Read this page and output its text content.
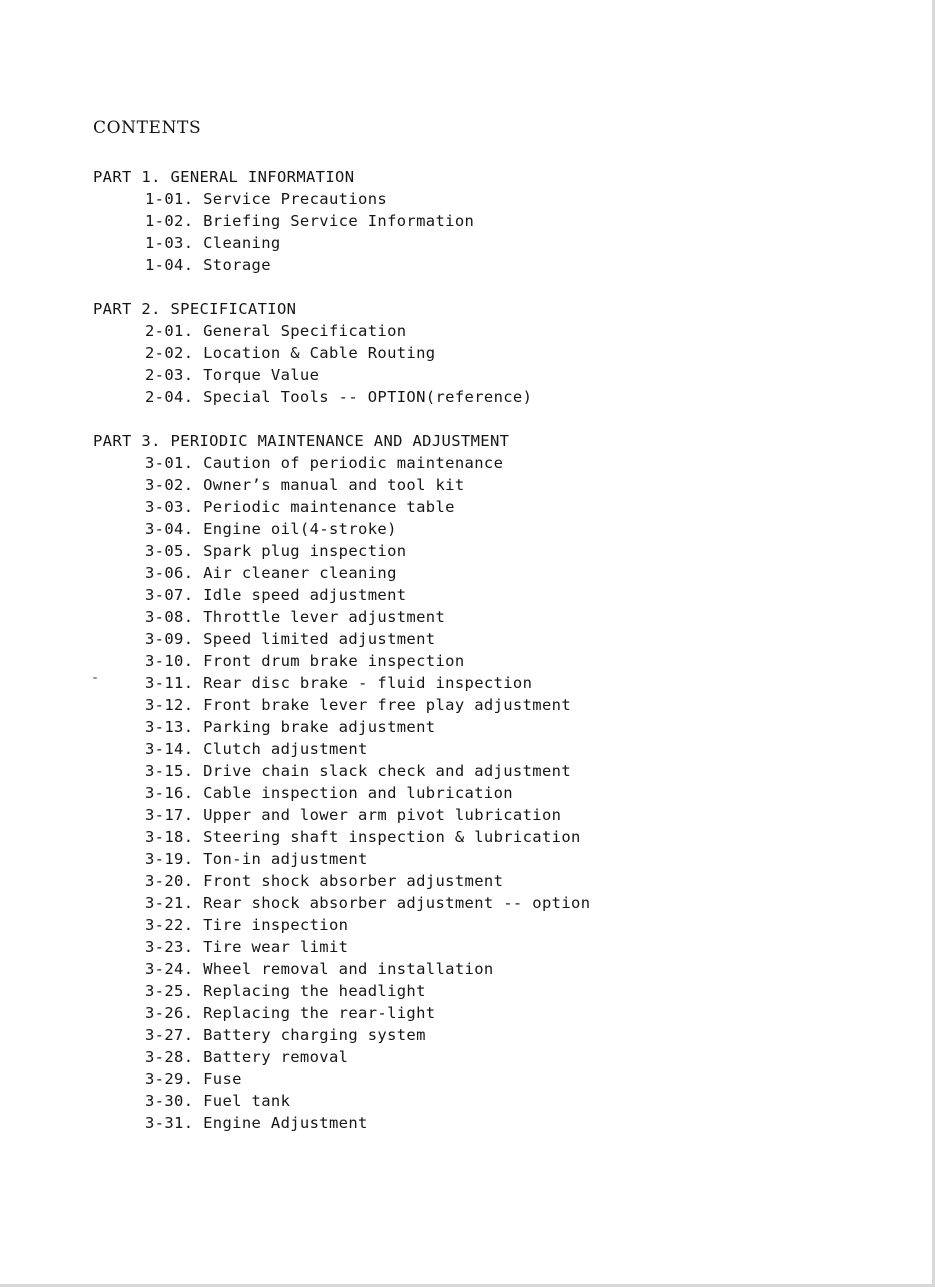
CONTENTS
PART 1. GENERAL INFORMATION
1-01. Service Precautions
1-02. Briefing Service Information
1-03. Cleaning
1-04. Storage
PART 2. SPECIFICATION
2-01. General Specification
2-02. Location & Cable Routing
2-03. Torque Value
2-04. Special Tools -- OPTION(reference)
PART 3. PERIODIC MAINTENANCE AND ADJUSTMENT
3-01. Caution of periodic maintenance
3-02. Owner’s manual and tool kit
3-03. Periodic maintenance table
3-04. Engine oil(4-stroke)
3-05. Spark plug inspection
3-06. Air cleaner cleaning
3-07. Idle speed adjustment
3-08. Throttle lever adjustment
3-09. Speed limited adjustment
3-10. Front drum brake inspection
3-11. Rear disc brake - fluid inspection
3-12. Front brake lever free play adjustment
3-13. Parking brake adjustment
3-14. Clutch adjustment
3-15. Drive chain slack check and adjustment
3-16. Cable inspection and lubrication
3-17. Upper and lower arm pivot lubrication
3-18. Steering shaft inspection & lubrication
3-19. Ton-in adjustment
3-20. Front shock absorber adjustment
3-21. Rear shock absorber adjustment -- option
3-22. Tire inspection
3-23. Tire wear limit
3-24. Wheel removal and installation
3-25. Replacing the headlight
3-26. Replacing the rear-light
3-27. Battery charging system
3-28. Battery removal
3-29. Fuse
3-30. Fuel tank
3-31. Engine Adjustment
